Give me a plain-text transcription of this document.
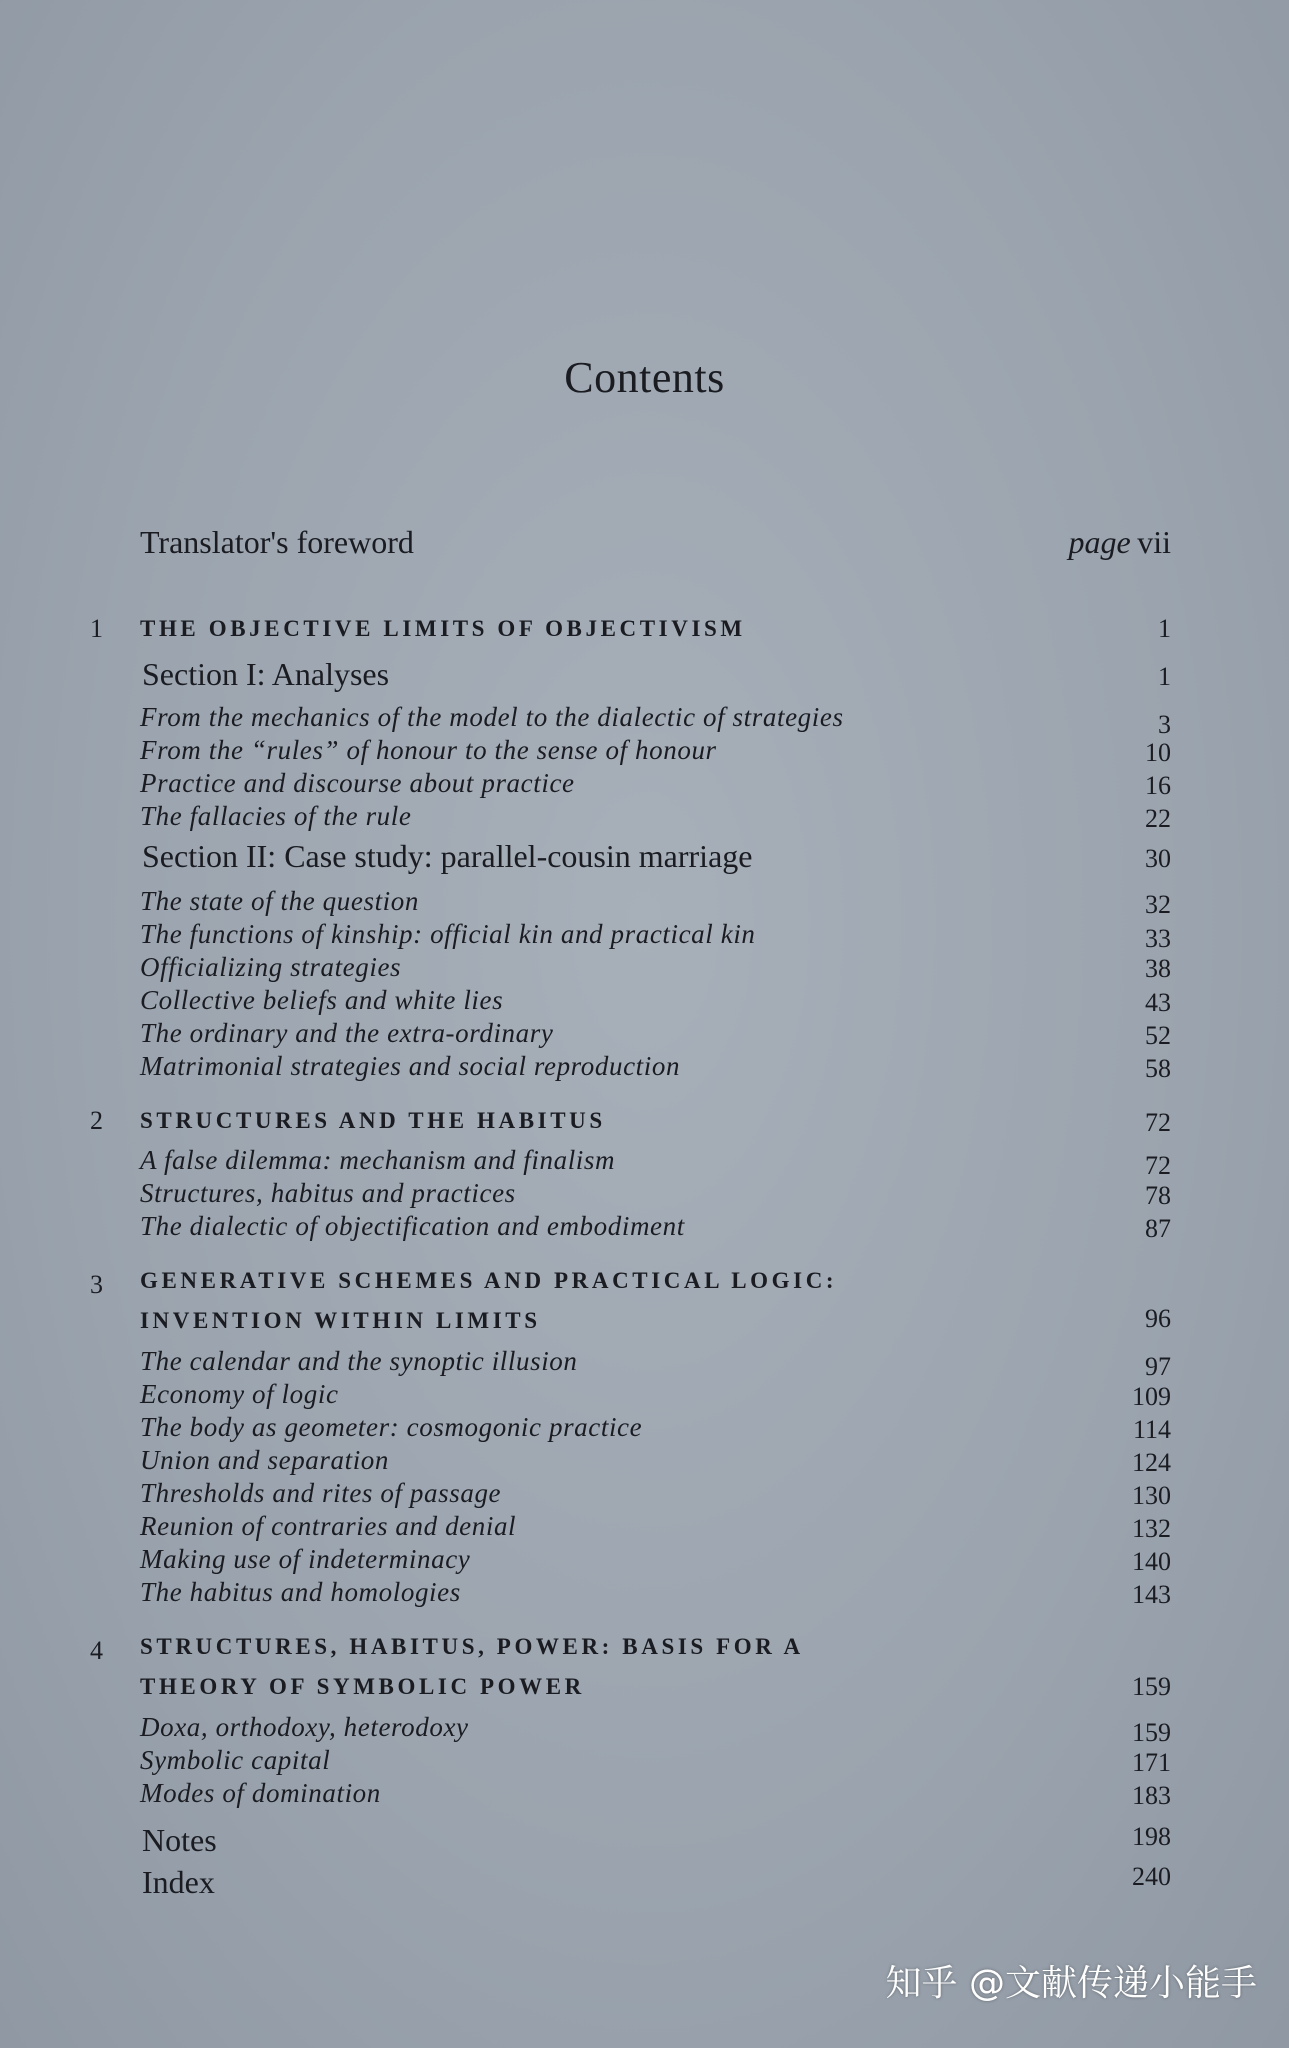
Contents
Translator's foreword	page vii
1 THE OBJECTIVE LIMITS OF OBJECTIVISM	1
Section I: Analyses	1
From the mechanics of the model to the dialectic of strategies	3
From the “rules” of honour to the sense of honour	10
Practice and discourse about practice	16
The fallacies of the rule	22
Section II: Case study: parallel-cousin marriage	30
The state of the question	32
The functions of kinship: official kin and practical kin	33
Officializing strategies	38
Collective beliefs and white lies	43
The ordinary and the extra-ordinary	52
Matrimonial strategies and social reproduction	58
2 STRUCTURES AND THE HABITUS	72
A false dilemma: mechanism and finalism	72
Structures, habitus and practices	78
The dialectic of objectification and embodiment	87
3 GENERATIVE SCHEMES AND PRACTICAL LOGIC:
INVENTION WITHIN LIMITS	96
The calendar and the synoptic illusion	97
Economy of logic	109
The body as geometer: cosmogonic practice	114
Union and separation	124
Thresholds and rites of passage	130
Reunion of contraries and denial	132
Making use of indeterminacy	140
The habitus and homologies	143
4 STRUCTURES, HABITUS, POWER: BASIS FOR A
THEORY OF SYMBOLIC POWER	159
Doxa, orthodoxy, heterodoxy	159
Symbolic capital	171
Modes of domination	183
Notes	198
Index	240
知乎 @文献传递小能手
